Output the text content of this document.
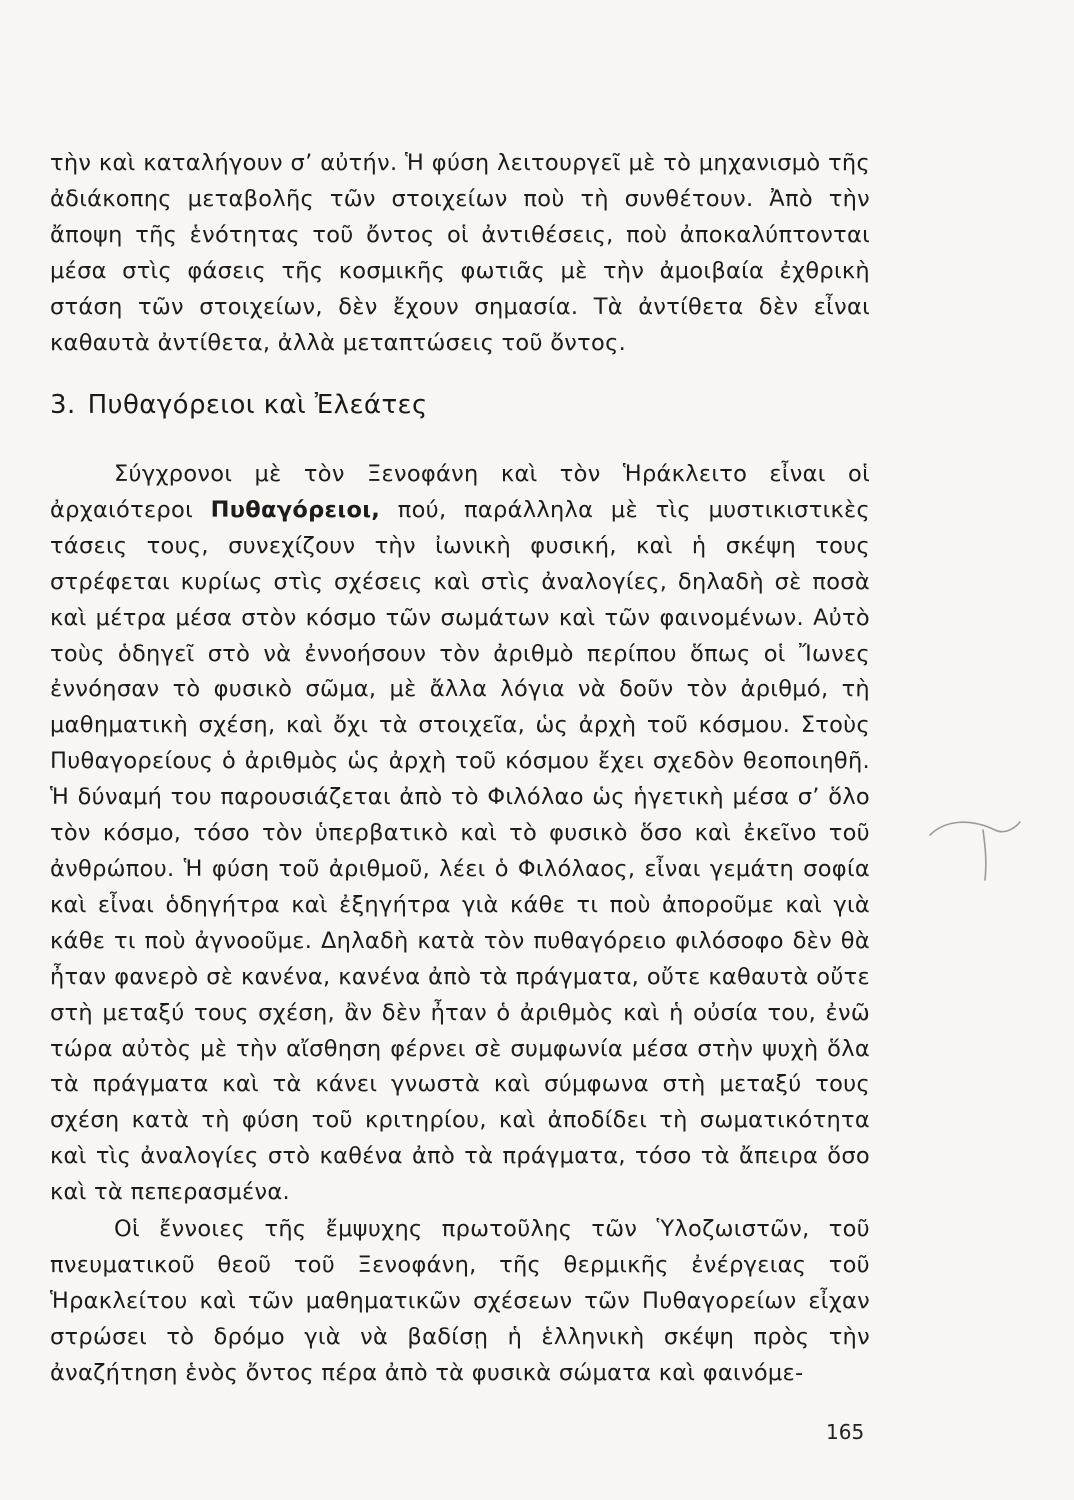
τὴν καὶ καταλήγουν σ’ αὐτήν. Ἡ φύση λειτουργεῖ μὲ τὸ μηχανισμὸ τῆς ἀδιάκοπης μεταβολῆς τῶν στοιχείων ποὺ τὴ συνθέτουν. Ἀπὸ τὴν ἄποψη τῆς ἑνότητας τοῦ ὄντος οἱ ἀντιθέσεις, ποὺ ἀποκαλύπτονται μέσα στὶς φάσεις τῆς κοσμικῆς φωτιᾶς μὲ τὴν ἀμοιβαία ἐχθρικὴ στάση τῶν στοιχείων, δὲν ἔχουν σημασία. Τὰ ἀντίθετα δὲν εἶναι καθαυτὰ ἀντίθετα, ἀλλὰ μεταπτώσεις τοῦ ὄντος.

3. Πυθαγόρειοι καὶ Ἐλεάτες

Σύγχρονοι μὲ τὸν Ξενοφάνη καὶ τὸν Ἡράκλειτο εἶναι οἱ ἀρχαιότεροι Πυθαγόρειοι, πού, παράλληλα μὲ τὶς μυστικιστικὲς τάσεις τους, συνεχίζουν τὴν ἰωνικὴ φυσική, καὶ ἡ σκέψη τους στρέφεται κυρίως στὶς σχέσεις καὶ στὶς ἀναλογίες, δηλαδὴ σὲ ποσὰ καὶ μέτρα μέσα στὸν κόσμο τῶν σωμάτων καὶ τῶν φαινομένων. Αὐτὸ τοὺς ὁδηγεῖ στὸ νὰ ἐννοήσουν τὸν ἀριθμὸ περίπου ὅπως οἱ Ἴωνες ἐννόησαν τὸ φυσικὸ σῶμα, μὲ ἄλλα λόγια νὰ δοῦν τὸν ἀριθμό, τὴ μαθηματικὴ σχέση, καὶ ὄχι τὰ στοιχεῖα, ὡς ἀρχὴ τοῦ κόσμου. Στοὺς Πυθαγορείους ὁ ἀριθμὸς ὡς ἀρχὴ τοῦ κόσμου ἔχει σχεδὸν θεοποιηθῆ. Ἡ δύναμή του παρουσιάζεται ἀπὸ τὸ Φιλόλαο ὡς ἡγετικὴ μέσα σ’ ὅλο τὸν κόσμο, τόσο τὸν ὑπερβατικὸ καὶ τὸ φυσικὸ ὅσο καὶ ἐκεῖνο τοῦ ἀνθρώπου. Ἡ φύση τοῦ ἀριθμοῦ, λέει ὁ Φιλόλαος, εἶναι γεμάτη σοφία καὶ εἶναι ὁδηγήτρα καὶ ἐξηγήτρα γιὰ κάθε τι ποὺ ἀποροῦμε καὶ γιὰ κάθε τι ποὺ ἀγνοοῦμε. Δηλαδὴ κατὰ τὸν πυθαγόρειο φιλόσοφο δὲν θὰ ἦταν φανερὸ σὲ κανένα, κανένα ἀπὸ τὰ πράγματα, οὔτε καθαυτὰ οὔτε στὴ μεταξύ τους σχέση, ἂν δὲν ἦταν ὁ ἀριθμὸς καὶ ἡ οὐσία του, ἐνῶ τώρα αὐτὸς μὲ τὴν αἴσθηση φέρνει σὲ συμφωνία μέσα στὴν ψυχὴ ὅλα τὰ πράγματα καὶ τὰ κάνει γνωστὰ καὶ σύμφωνα στὴ μεταξύ τους σχέση κατὰ τὴ φύση τοῦ κριτηρίου, καὶ ἀποδίδει τὴ σωματικότητα καὶ τὶς ἀναλογίες στὸ καθένα ἀπὸ τὰ πράγματα, τόσο τὰ ἄπειρα ὅσο καὶ τὰ πεπερασμένα.

Οἱ ἔννοιες τῆς ἔμψυχης πρωτοῦλης τῶν Ὑλοζωιστῶν, τοῦ πνευματικοῦ θεοῦ τοῦ Ξενοφάνη, τῆς θερμικῆς ἐνέργειας τοῦ Ἡρακλείτου καὶ τῶν μαθηματικῶν σχέσεων τῶν Πυθαγορείων εἶχαν στρώσει τὸ δρόμο γιὰ νὰ βαδίσῃ ἡ ἑλληνικὴ σκέψη πρὸς τὴν ἀναζήτηση ἑνὸς ὄντος πέρα ἀπὸ τὰ φυσικὰ σώματα καὶ φαινόμε-

165
